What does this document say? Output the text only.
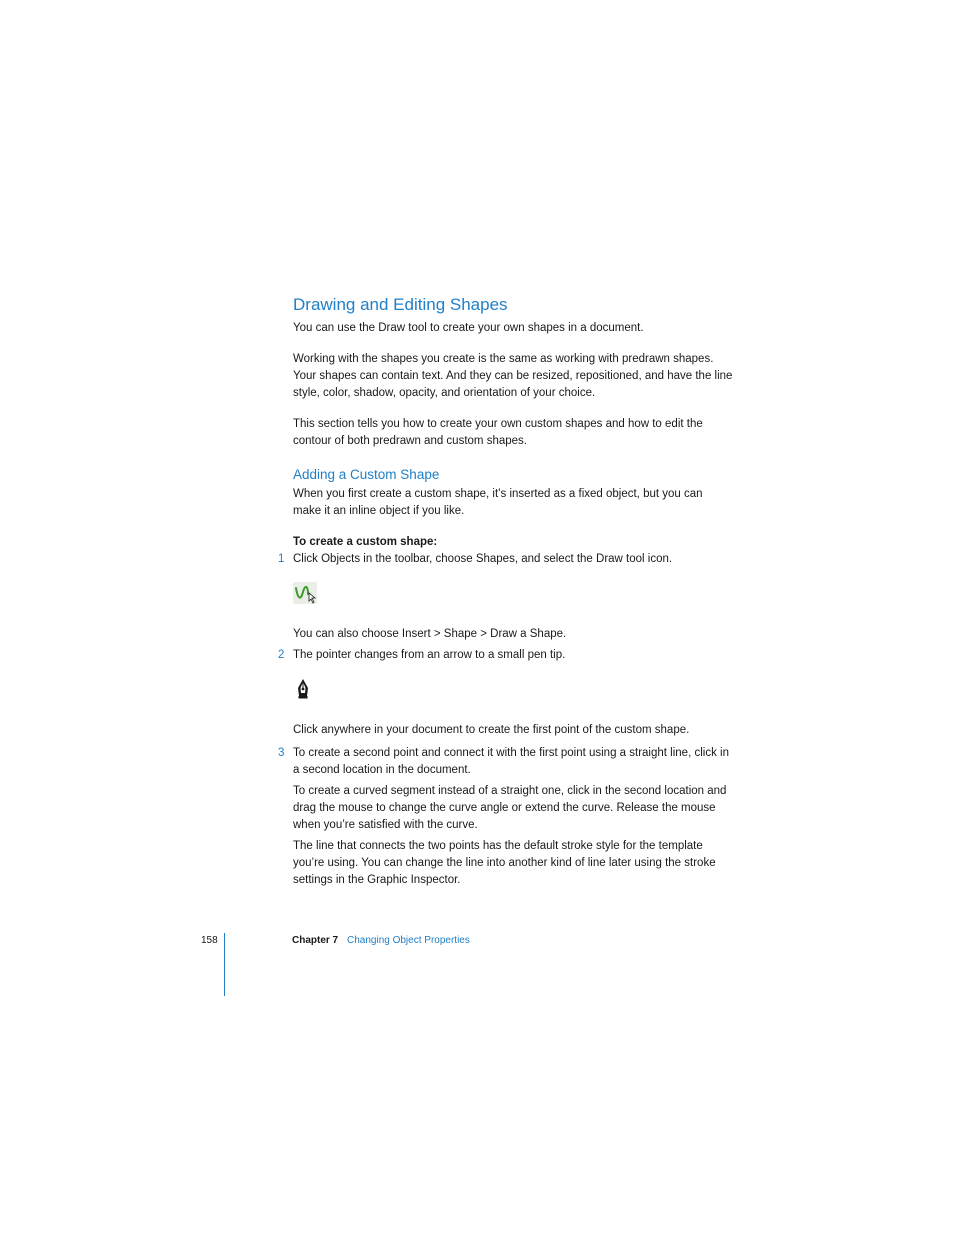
Drawing and Editing Shapes

You can use the Draw tool to create your own shapes in a document.

Working with the shapes you create is the same as working with predrawn shapes. Your shapes can contain text. And they can be resized, repositioned, and have the line style, color, shadow, opacity, and orientation of your choice.

This section tells you how to create your own custom shapes and how to edit the contour of both predrawn and custom shapes.

Adding a Custom Shape

When you first create a custom shape, it’s inserted as a fixed object, but you can make it an inline object if you like.

To create a custom shape:
1 Click Objects in the toolbar, choose Shapes, and select the Draw tool icon.

You can also choose Insert > Shape > Draw a Shape.

2 The pointer changes from an arrow to a small pen tip.

Click anywhere in your document to create the first point of the custom shape.

3 To create a second point and connect it with the first point using a straight line, click in a second location in the document.

To create a curved segment instead of a straight one, click in the second location and drag the mouse to change the curve angle or extend the curve. Release the mouse when you’re satisfied with the curve.

The line that connects the two points has the default stroke style for the template you’re using. You can change the line into another kind of line later using the stroke settings in the Graphic Inspector.

158	Chapter 7 Changing Object Properties
